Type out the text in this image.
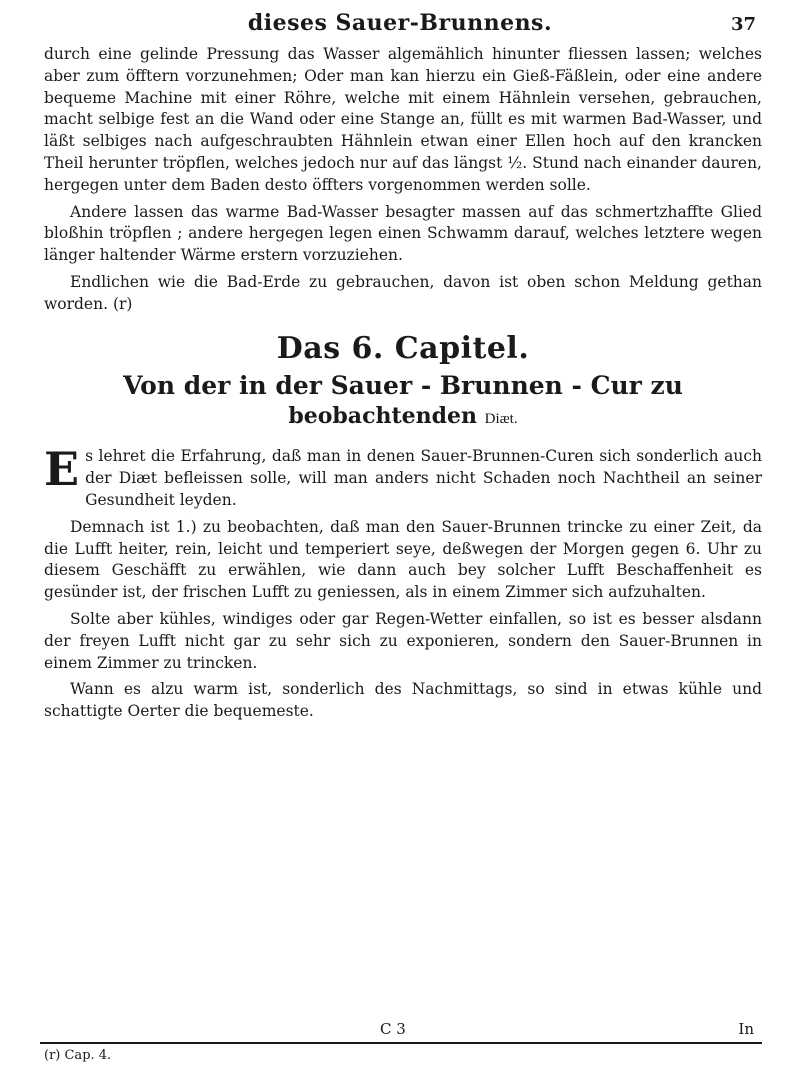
dieses Sauer-Brunnens.	37

durch eine gelinde Pressung das Wasser algemählich hinunter fliessen lassen; welches aber zum öfftern vorzunehmen; Oder man kan hierzu ein Gieß-Fäßlein, oder eine andere bequeme Machine mit einer Röhre, welche mit einem Hähnlein versehen, gebrauchen, macht selbige fest an die Wand oder eine Stange an, füllt es mit warmen Bad-Wasser, und läßt selbiges nach aufgeschraubten Hähnlein etwan einer Ellen hoch auf den krancken Theil herunter tröpflen, welches jedoch nur auf das längst ½. Stund nach einander dauren, hergegen unter dem Baden desto öffters vorgenommen werden solle.

Andere lassen das warme Bad-Wasser besagter massen auf das schmertzhaffte Glied bloßhin tröpflen ; andere hergegen legen einen Schwamm darauf, welches letztere wegen länger haltender Wärme erstern vorzuziehen.

Endlichen wie die Bad-Erde zu gebrauchen, davon ist oben schon Meldung gethan worden. (r)

Das 6. Capitel.
Von der in der Sauer - Brunnen - Cur zu
beobachtenden Diæt.

Es lehret die Erfahrung, daß man in denen Sauer-Brunnen-Curen sich sonderlich auch der Diæt befleissen solle, will man anders nicht Schaden noch Nachtheil an seiner Gesundheit leyden.

Demnach ist 1.) zu beobachten, daß man den Sauer-Brunnen trincke zu einer Zeit, da die Lufft heiter, rein, leicht und temperiert seye, deßwegen der Morgen gegen 6. Uhr zu diesem Geschäfft zu erwählen, wie dann auch bey solcher Lufft Beschaffenheit es gesünder ist, der frischen Lufft zu geniessen, als in einem Zimmer sich aufzuhalten.

Solte aber kühles, windiges oder gar Regen-Wetter einfallen, so ist es besser alsdann der freyen Lufft nicht gar zu sehr sich zu exponieren, sondern den Sauer-Brunnen in einem Zimmer zu trincken.

Wann es alzu warm ist, sonderlich des Nachmittags, so sind in etwas kühle und schattigte Oerter die bequemeste.

C 3	In
(r) Cap. 4.
